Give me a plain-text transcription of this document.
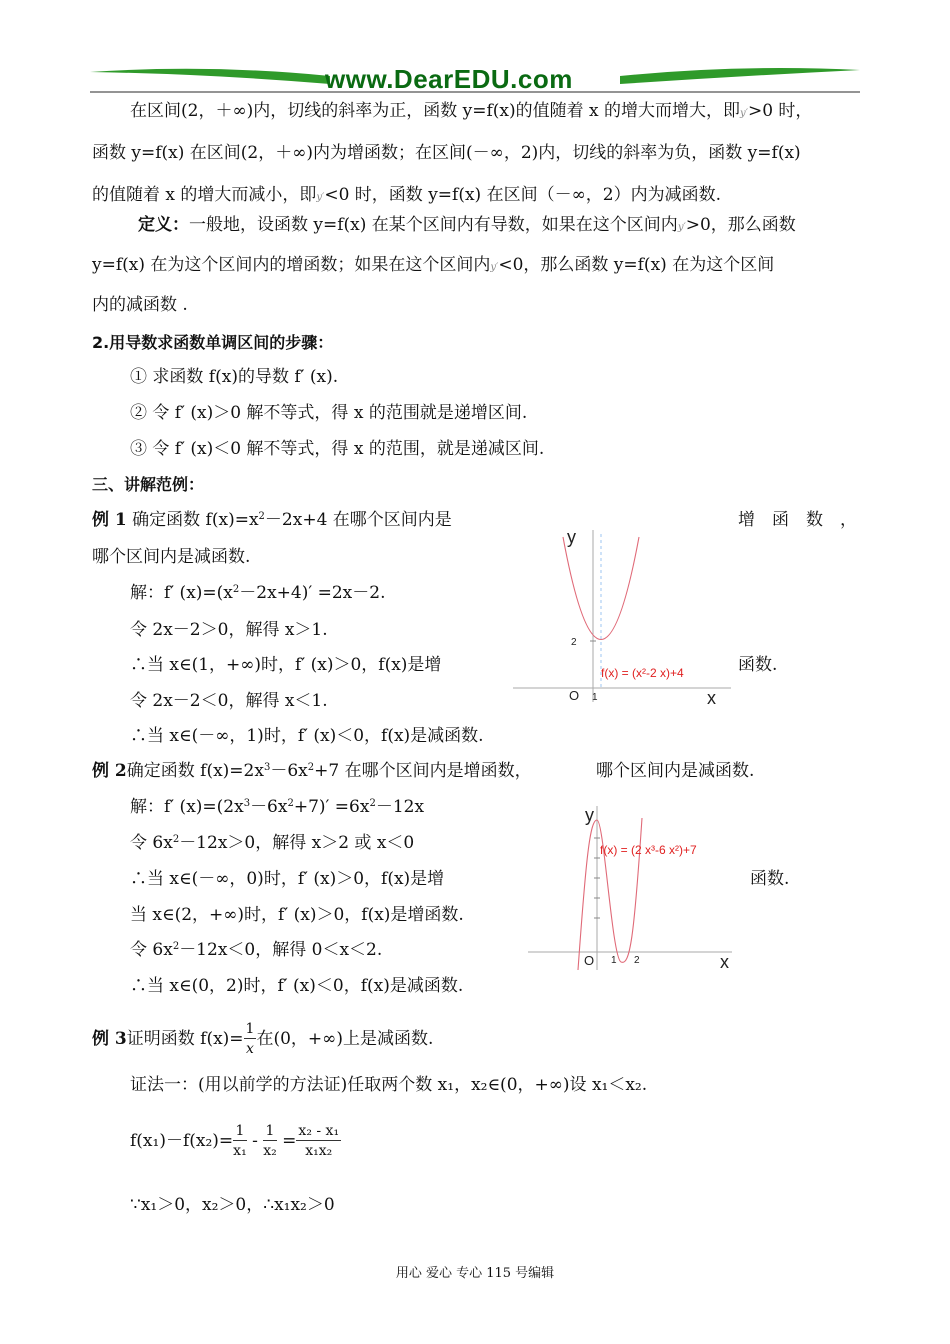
www.DearEDU.com
在区间(2，＋∞)内，切线的斜率为正，函数 y=f(x)的值随着 x 的增大而增大，即y′>0 时，
函数 y=f(x) 在区间(2，＋∞)内为增函数；在区间(－∞，2)内，切线的斜率为负，函数 y=f(x)
的值随着 x 的增大而减小，即y′<0 时，函数 y=f(x) 在区间（－∞，2）内为减函数.
定义：一般地，设函数 y=f(x) 在某个区间内有导数，如果在这个区间内y′>0，那么函数
y=f(x) 在为这个区间内的增函数；如果在这个区间内y′<0，那么函数 y=f(x) 在为这个区间
内的减函数 .
2.用导数求函数单调区间的步骤：
① 求函数 f(x)的导数 f′ (x).
② 令 f′ (x)＞0 解不等式，得 x 的范围就是递增区间.
③ 令 f′ (x)＜0 解不等式，得 x 的范围，就是递减区间.
三、讲解范例：
例 1 确定函数 $f(x)=x^2-2x+4$ 在哪个区间内是	增　函　数　，
哪个区间内是减函数.
解：f′ $(x)=(x^2-2x+4)' =2x-2$.
令 2x－2＞0，解得 x＞1.
∴当 x∈(1，+∞)时，f′ (x)＞0，f(x)是增	函数.
令 2x－2＜0，解得 x＜1.
∴当 x∈(－∞，1)时，f′ (x)＜0，f(x)是减函数.
y
x
O 1
2
f(x) = (x²-2 x)+4
例 2确定函数 $f(x)=2x^3-6x^2+7$ 在哪个区间内是增函数，	哪个区间内是减函数.
解：f′ $(x)=(2x^3-6x^2+7)' =6x^2-12x$
令 $6x^2-12x>0$，解得 x＞2 或 x＜0
∴当 x∈(－∞，0)时，f′ (x)＞0，f(x)是增	函数.
当 x∈(2，+∞)时，f′ (x)＞0，f(x)是增函数.
令 $6x^2-12x<0$，解得 0＜x＜2.
∴当 x∈(0，2)时，f′ (x)＜0，f(x)是减函数.
y
x
O 1 2
f(x) = (2 x³-6 x²)+7
例 3证明函数 $f(x)= \frac{1}{x}$ 在(0，+∞)上是减函数.
证法一：(用以前学的方法证)任取两个数 x₁，x₂∈(0，+∞)设 x₁＜x₂.
$f(x_1)-f(x_2)= \frac{1}{\text{x₁}} - \frac{1}{\text{x₂}} = \frac{\text{x₂ - x₁}}{\text{x₁x₂}}$
∵x₁＞0，x₂＞0，∴x₁x₂＞0
用心 爱心 专心 115 号编辑
